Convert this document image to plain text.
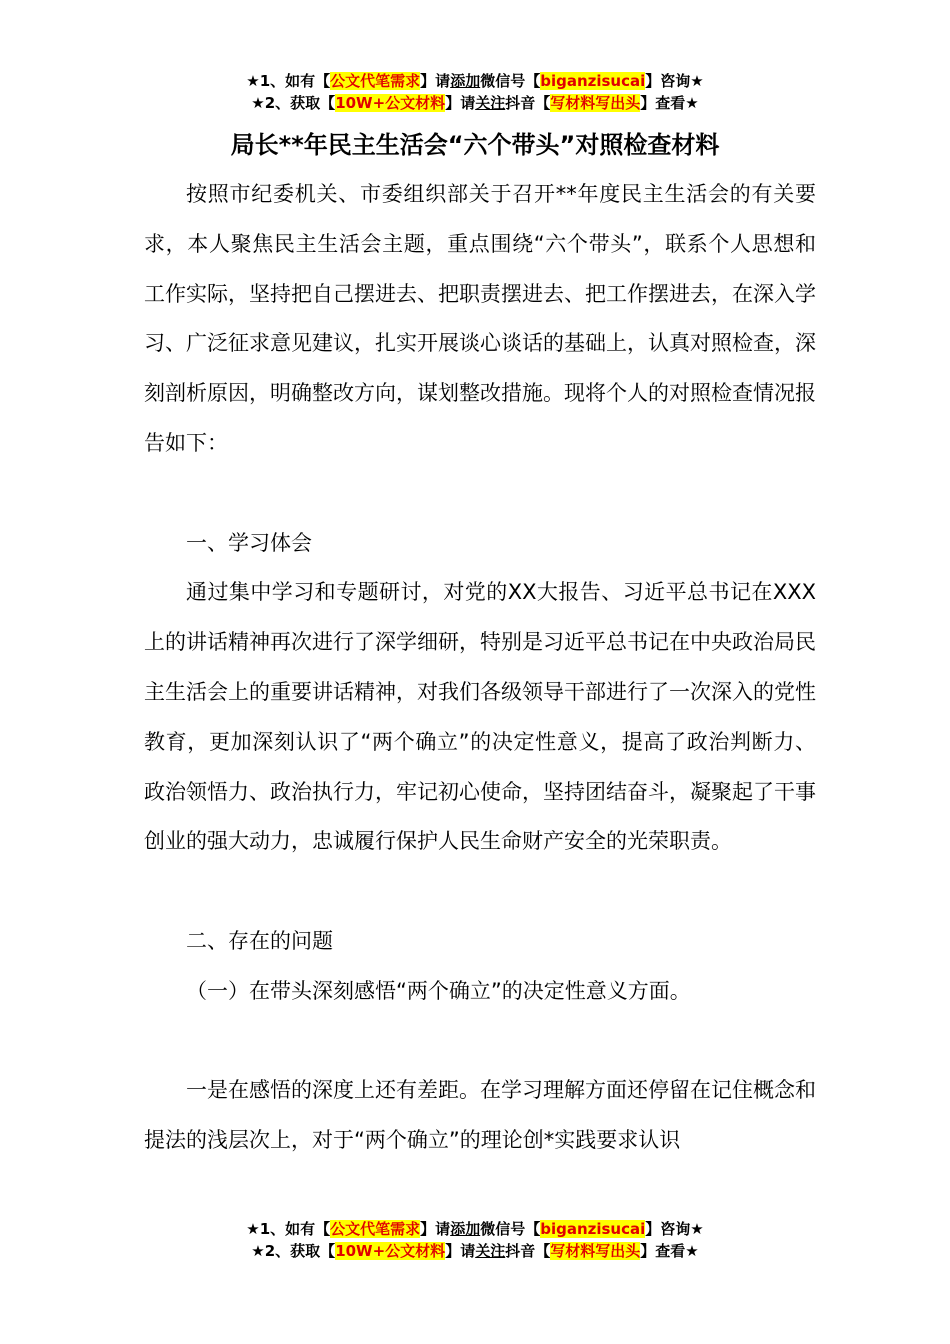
★1、如有【公文代笔需求】请添加微信号【biganzisucai】咨询★
★2、获取【10W+公文材料】请关注抖音【写材料写出头】查看★
局长**年民主生活会“六个带头”对照检查材料

按照市纪委机关、市委组织部关于召开**年度民主生活会的有关要求，本人聚焦民主生活会主题，重点围绕“六个带头”，联系个人思想和工作实际，坚持把自己摆进去、把职责摆进去、把工作摆进去，在深入学习、广泛征求意见建议，扎实开展谈心谈话的基础上，认真对照检查，深刻剖析原因，明确整改方向，谋划整改措施。现将个人的对照检查情况报告如下：

一、学习体会

通过集中学习和专题研讨，对党的XX大报告、习近平总书记在XXX上的讲话精神再次进行了深学细研，特别是习近平总书记在中央政治局民主生活会上的重要讲话精神，对我们各级领导干部进行了一次深入的党性教育，更加深刻认识了“两个确立”的决定性意义，提高了政治判断力、政治领悟力、政治执行力，牢记初心使命，坚持团结奋斗，凝聚起了干事创业的强大动力，忠诚履行保护人民生命财产安全的光荣职责。

二、存在的问题

（一）在带头深刻感悟“两个确立”的决定性意义方面。

一是在感悟的深度上还有差距。在学习理解方面还停留在记住概念和提法的浅层次上，对于“两个确立”的理论创*实践要求认识

★1、如有【公文代笔需求】请添加微信号【biganzisucai】咨询★
★2、获取【10W+公文材料】请关注抖音【写材料写出头】查看★
